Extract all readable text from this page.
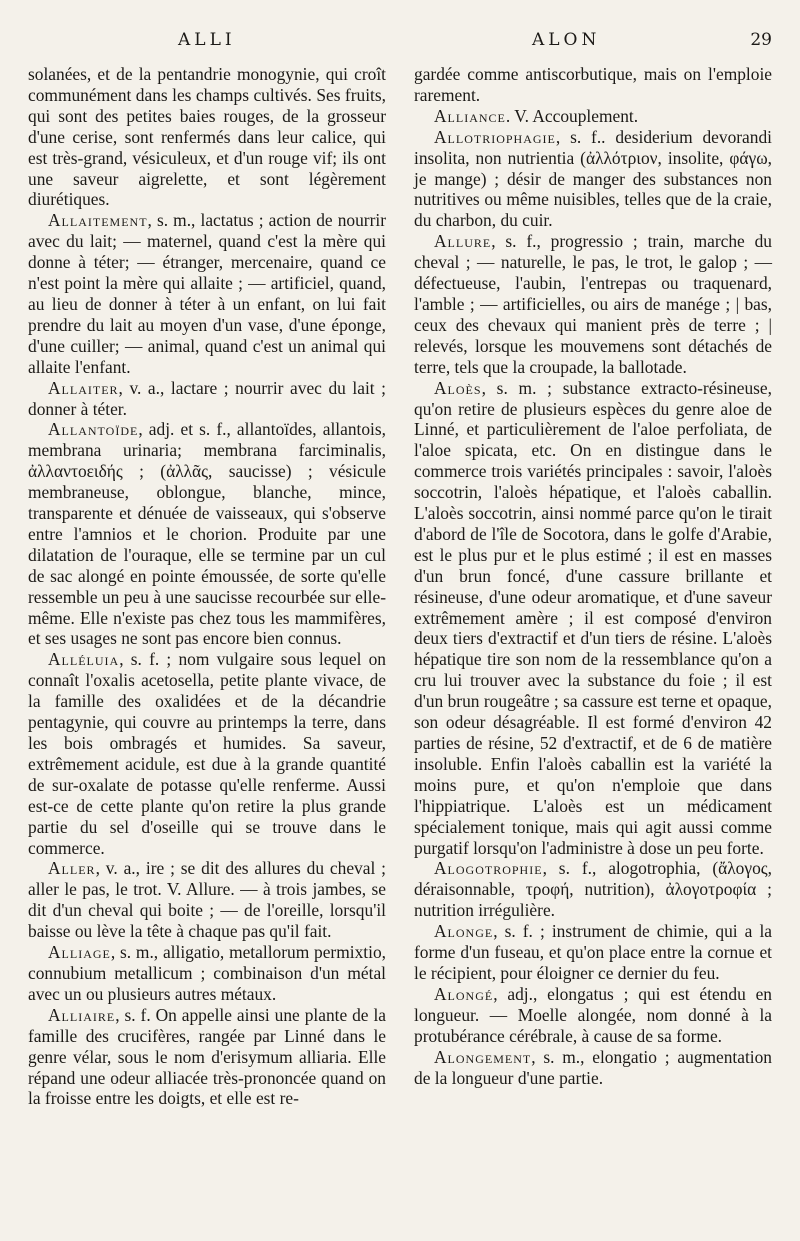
ALLI	ALON	29

solanées, et de la pentandrie monogynie, qui croît communément dans les champs cultivés. Ses fruits, qui sont des petites baies rouges, de la grosseur d'une cerise, sont renfermés dans leur calice, qui est très-grand, vésiculeux, et d'un rouge vif; ils ont une saveur aigrelette, et sont légèrement diurétiques.

Allaitement, s. m., lactatus ; action de nourrir avec du lait; — maternel, quand c'est la mère qui donne à téter; — étranger, mercenaire, quand ce n'est point la mère qui allaite ; — artificiel, quand, au lieu de donner à téter à un enfant, on lui fait prendre du lait au moyen d'un vase, d'une éponge, d'une cuiller; — animal, quand c'est un animal qui allaite l'enfant.

Allaiter, v. a., lactare ; nourrir avec du lait ; donner à téter.

Allantoïde, adj. et s. f., allantoïdes, allantois, membrana urinaria; membrana farciminalis, ἀλλαντοειδής ; (ἀλλᾶς, saucisse) ; vésicule membraneuse, oblongue, blanche, mince, transparente et dénuée de vaisseaux, qui s'observe entre l'amnios et le chorion. Produite par une dilatation de l'ouraque, elle se termine par un cul de sac alongé en pointe émoussée, de sorte qu'elle ressemble un peu à une saucisse recourbée sur elle-même. Elle n'existe pas chez tous les mammifères, et ses usages ne sont pas encore bien connus.

Alléluia, s. f. ; nom vulgaire sous lequel on connaît l'oxalis acetosella, petite plante vivace, de la famille des oxalidées et de la décandrie pentagynie, qui couvre au printemps la terre, dans les bois ombragés et humides. Sa saveur, extrêmement acidule, est due à la grande quantité de sur-oxalate de potasse qu'elle renferme. Aussi est-ce de cette plante qu'on retire la plus grande partie du sel d'oseille qui se trouve dans le commerce.

Aller, v. a., ire ; se dit des allures du cheval ; aller le pas, le trot. V. Allure. — à trois jambes, se dit d'un cheval qui boite ; — de l'oreille, lorsqu'il baisse ou lève la tête à chaque pas qu'il fait.

Alliage, s. m., alligatio, metallorum permixtio, connubium metallicum ; combinaison d'un métal avec un ou plusieurs autres métaux.

Alliaire, s. f. On appelle ainsi une plante de la famille des crucifères, rangée par Linné dans le genre vélar, sous le nom d'erisymum alliaria. Elle répand une odeur alliacée très-prononcée quand on la froisse entre les doigts, et elle est re-

gardée comme antiscorbutique, mais on l'emploie rarement.

Alliance. V. Accouplement.

Allotriophagie, s. f.. desiderium devorandi insolita, non nutrientia (ἀλλότριον, insolite, φάγω, je mange) ; désir de manger des substances non nutritives ou même nuisibles, telles que de la craie, du charbon, du cuir.

Allure, s. f., progressio ; train, marche du cheval ; — naturelle, le pas, le trot, le galop ; — défectueuse, l'aubin, l'entrepas ou traquenard, l'amble ; — artificielles, ou airs de manége ; | bas, ceux des chevaux qui manient près de terre ; | relevés, lorsque les mouvemens sont détachés de terre, tels que la croupade, la ballotade.

Aloès, s. m. ; substance extracto-résineuse, qu'on retire de plusieurs espèces du genre aloe de Linné, et particulièrement de l'aloe perfoliata, de l'aloe spicata, etc. On en distingue dans le commerce trois variétés principales : savoir, l'aloès soccotrin, l'aloès hépatique, et l'aloès caballin. L'aloès soccotrin, ainsi nommé parce qu'on le tirait d'abord de l'île de Socotora, dans le golfe d'Arabie, est le plus pur et le plus estimé ; il est en masses d'un brun foncé, d'une cassure brillante et résineuse, d'une odeur aromatique, et d'une saveur extrêmement amère ; il est composé d'environ deux tiers d'extractif et d'un tiers de résine. L'aloès hépatique tire son nom de la ressemblance qu'on a cru lui trouver avec la substance du foie ; il est d'un brun rougeâtre ; sa cassure est terne et opaque, son odeur désagréable. Il est formé d'environ 42 parties de résine, 52 d'extractif, et de 6 de matière insoluble. Enfin l'aloès caballin est la variété la moins pure, et qu'on n'emploie que dans l'hippiatrique. L'aloès est un médicament spécialement tonique, mais qui agit aussi comme purgatif lorsqu'on l'administre à dose un peu forte.

Alogotrophie, s. f., alogotrophia, (ἄλογος, déraisonnable, τροφή, nutrition), ἀλογοτροφία ; nutrition irrégulière.

Alonge, s. f. ; instrument de chimie, qui a la forme d'un fuseau, et qu'on place entre la cornue et le récipient, pour éloigner ce dernier du feu.

Alongé, adj., elongatus ; qui est étendu en longueur. — Moelle alongée, nom donné à la protubérance cérébrale, à cause de sa forme.

Alongement, s. m., elongatio ; augmentation de la longueur d'une partie.
